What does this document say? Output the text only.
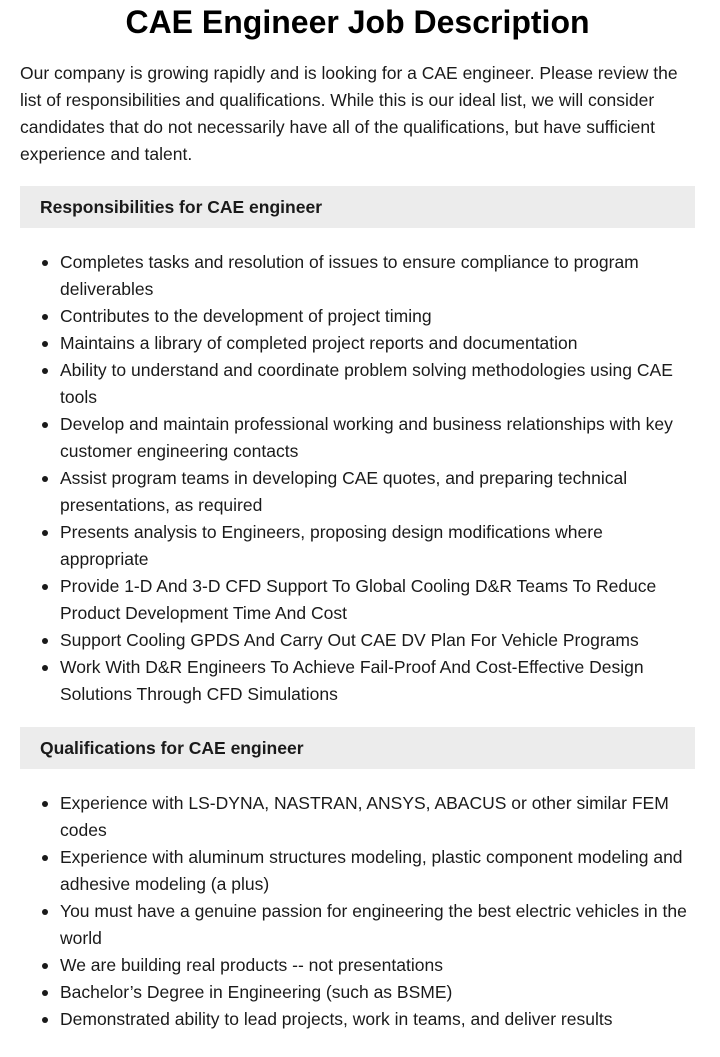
CAE Engineer Job Description

Our company is growing rapidly and is looking for a CAE engineer. Please review the list of responsibilities and qualifications. While this is our ideal list, we will consider candidates that do not necessarily have all of the qualifications, but have sufficient experience and talent.

Responsibilities for CAE engineer
Completes tasks and resolution of issues to ensure compliance to program deliverables
Contributes to the development of project timing
Maintains a library of completed project reports and documentation
Ability to understand and coordinate problem solving methodologies using CAE tools
Develop and maintain professional working and business relationships with key customer engineering contacts
Assist program teams in developing CAE quotes, and preparing technical presentations, as required
Presents analysis to Engineers, proposing design modifications where appropriate
Provide 1-D And 3-D CFD Support To Global Cooling D&R Teams To Reduce Product Development Time And Cost
Support Cooling GPDS And Carry Out CAE DV Plan For Vehicle Programs
Work With D&R Engineers To Achieve Fail-Proof And Cost-Effective Design Solutions Through CFD Simulations
Qualifications for CAE engineer
Experience with LS-DYNA, NASTRAN, ANSYS, ABACUS or other similar FEM codes
Experience with aluminum structures modeling, plastic component modeling and adhesive modeling (a plus)
You must have a genuine passion for engineering the best electric vehicles in the world
We are building real products -- not presentations
Bachelor’s Degree in Engineering (such as BSME)
Demonstrated ability to lead projects, work in teams, and deliver results
